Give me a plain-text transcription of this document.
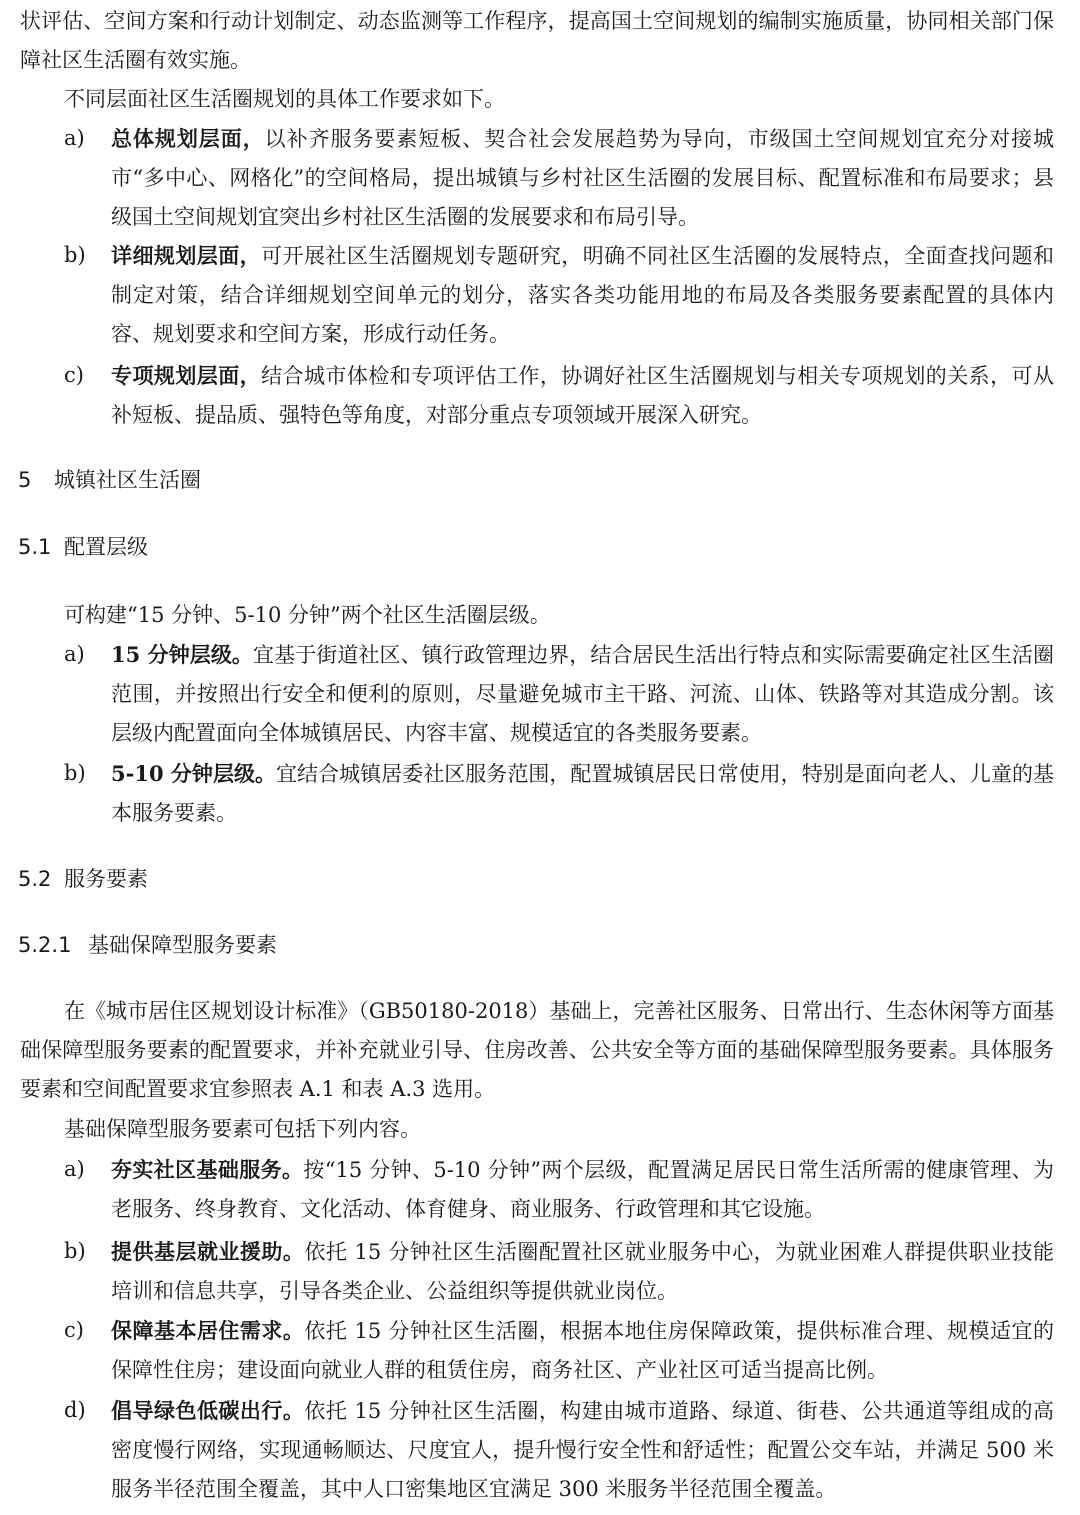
状评估、空间方案和行动计划制定、动态监测等工作程序，提高国土空间规划的编制实施质量，协同相关部门保障社区生活圈有效实施。

不同层面社区生活圈规划的具体工作要求如下。

a)	总体规划层面，以补齐服务要素短板、契合社会发展趋势为导向，市级国土空间规划宜充分对接城市“多中心、网格化”的空间格局，提出城镇与乡村社区生活圈的发展目标、配置标准和布局要求；县级国土空间规划宜突出乡村社区生活圈的发展要求和布局引导。
b)	详细规划层面，可开展社区生活圈规划专题研究，明确不同社区生活圈的发展特点，全面查找问题和制定对策，结合详细规划空间单元的划分，落实各类功能用地的布局及各类服务要素配置的具体内容、规划要求和空间方案，形成行动任务。
c)	专项规划层面，结合城市体检和专项评估工作，协调好社区生活圈规划与相关专项规划的关系，可从补短板、提品质、强特色等角度，对部分重点专项领域开展深入研究。
5 城镇社区生活圈
5.1 配置层级

可构建“15 分钟、5-10 分钟”两个社区生活圈层级。

a)	15 分钟层级。宜基于街道社区、镇行政管理边界，结合居民生活出行特点和实际需要确定社区生活圈范围，并按照出行安全和便利的原则，尽量避免城市主干路、河流、山体、铁路等对其造成分割。该层级内配置面向全体城镇居民、内容丰富、规模适宜的各类服务要素。
b)	5-10 分钟层级。宜结合城镇居委社区服务范围，配置城镇居民日常使用，特别是面向老人、儿童的基本服务要素。
5.2 服务要素
5.2.1 基础保障型服务要素

在《城市居住区规划设计标准》（GB50180-2018）基础上，完善社区服务、日常出行、生态休闲等方面基础保障型服务要素的配置要求，并补充就业引导、住房改善、公共安全等方面的基础保障型服务要素。具体服务要素和空间配置要求宜参照表 A.1 和表 A.3 选用。

基础保障型服务要素可包括下列内容。

a)	夯实社区基础服务。按“15 分钟、5-10 分钟”两个层级，配置满足居民日常生活所需的健康管理、为老服务、终身教育、文化活动、体育健身、商业服务、行政管理和其它设施。
b)	提供基层就业援助。依托 15 分钟社区生活圈配置社区就业服务中心，为就业困难人群提供职业技能培训和信息共享，引导各类企业、公益组织等提供就业岗位。
c)	保障基本居住需求。依托 15 分钟社区生活圈，根据本地住房保障政策，提供标准合理、规模适宜的保障性住房；建设面向就业人群的租赁住房，商务社区、产业社区可适当提高比例。
d)	倡导绿色低碳出行。依托 15 分钟社区生活圈，构建由城市道路、绿道、街巷、公共通道等组成的高密度慢行网络，实现通畅顺达、尺度宜人，提升慢行安全性和舒适性；配置公交车站，并满足 500 米服务半径范围全覆盖，其中人口密集地区宜满足 300 米服务半径范围全覆盖。
